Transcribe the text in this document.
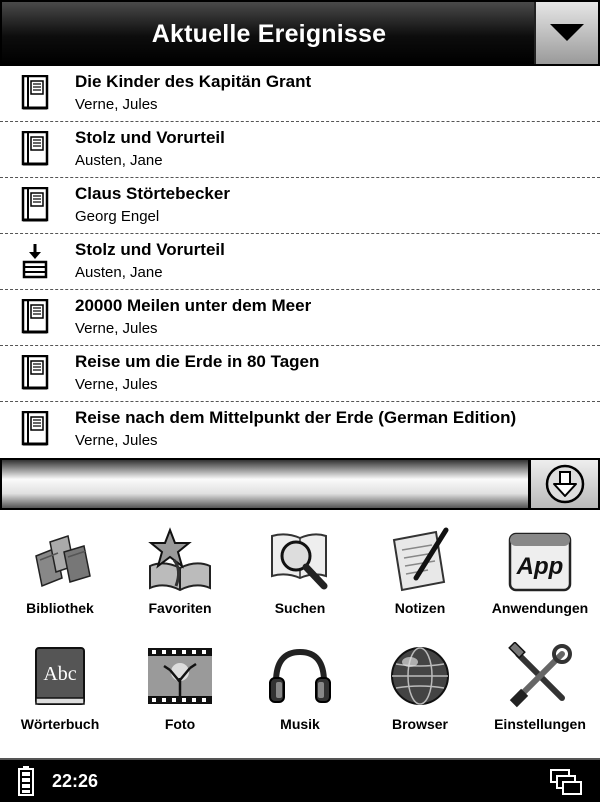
Aktuelle Ereignisse
Die Kinder des Kapitän Grant
Verne, Jules
Stolz und Vorurteil
Austen, Jane
Claus Störtebecker
Georg Engel
Stolz und Vorurteil
Austen, Jane
20000 Meilen unter dem Meer
Verne, Jules
Reise um die Erde in 80 Tagen
Verne, Jules
Reise nach dem Mittelpunkt der Erde (German Edition)
Verne, Jules
Bibliothek	Favoriten	Suchen	Notizen
App
Anwendungen
Abc
Wörterbuch	Foto	Musik	Browser	Einstellungen
22:26
